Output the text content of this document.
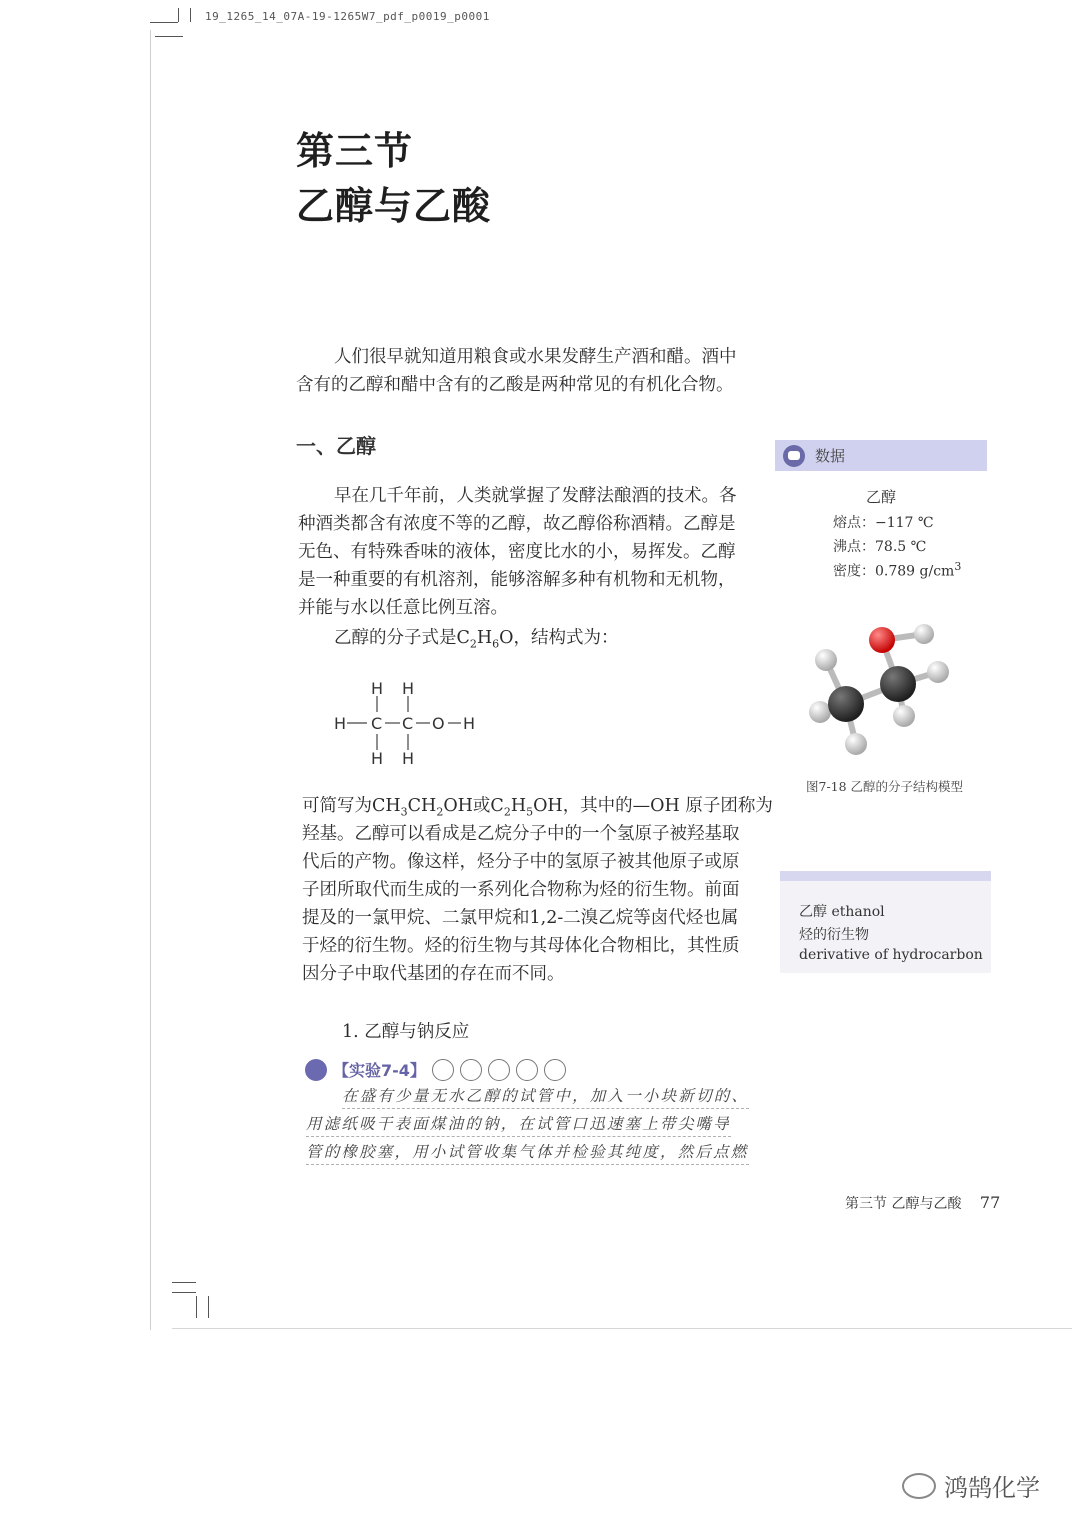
19_1265_14_07A-19-1265W7_pdf_p0019_p0001
第三节
乙醇与乙酸
人们很早就知道用粮食或水果发酵生产酒和醋。酒中
含有的乙醇和醋中含有的乙酸是两种常见的有机化合物。
一、乙醇
早在几千年前，人类就掌握了发酵法酿酒的技术。各
种酒类都含有浓度不等的乙醇，故乙醇俗称酒精。乙醇是
无色、有特殊香味的液体，密度比水的小，易挥发。乙醇
是一种重要的有机溶剂，能够溶解多种有机物和无机物，
并能与水以任意比例互溶。
乙醇的分子式是$C_2H_6O$，结构式为：
H H
H C C O H
H H
可简写为$CH_3CH_2OH$或$C_2H_5OH$，其中的—OH 原子团称为
羟基。乙醇可以看成是乙烷分子中的一个氢原子被羟基取
代后的产物。像这样，烃分子中的氢原子被其他原子或原
子团所取代而生成的一系列化合物称为烃的衍生物。前面
提及的一氯甲烷、二氯甲烷和1,2-二溴乙烷等卤代烃也属
于烃的衍生物。烃的衍生物与其母体化合物相比，其性质
因分子中取代基团的存在而不同。
1. 乙醇与钠反应
【实验7-4】
在盛有少量无水乙醇的试管中，加入一小块新切的、
用滤纸吸干表面煤油的钠，在试管口迅速塞上带尖嘴导
管的橡胶塞，用小试管收集气体并检验其纯度，然后点燃
数据
乙醇
熔点：−117 ℃
沸点：78.5 ℃
密度：0.789 $g/cm^3$
图7-18 乙醇的分子结构模型
乙醇 ethanol
烃的衍生物
derivative of hydrocarbon
第三节 乙醇与乙酸 77
鸿鹄化学
